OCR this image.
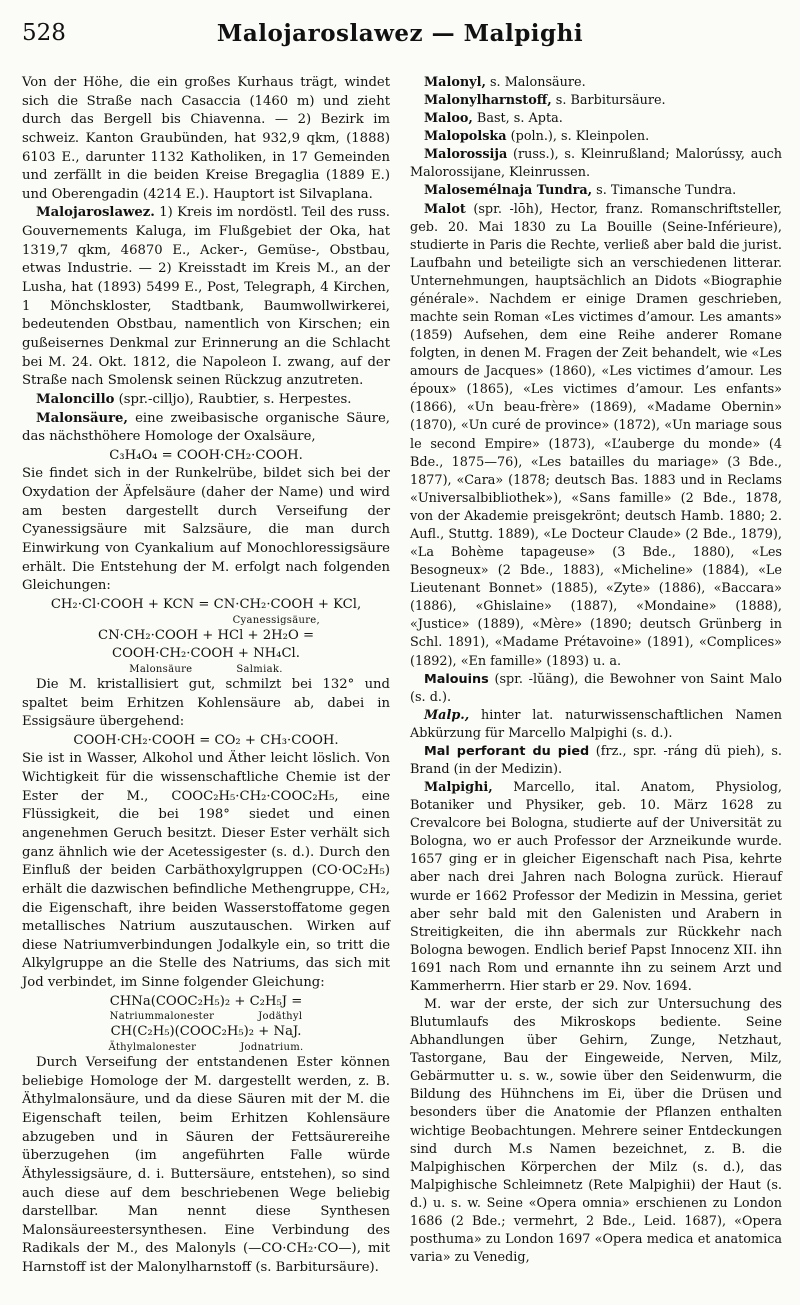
528	Malojaroslawez — Malpighi

Von der Höhe, die ein großes Kurhaus trägt, windet sich die Straße nach Casaccia (1460 m) und zieht durch das Bergell bis Chiavenna. — 2) Bezirk im schweiz. Kanton Graubünden, hat 932,9 qkm, (1888) 6103 E., darunter 1132 Katholiken, in 17 Gemeinden und zerfällt in die beiden Kreise Bregaglia (1889 E.) und Oberengadin (4214 E.). Hauptort ist Silvaplana.

Malojaroslawez. 1) Kreis im nordöstl. Teil des russ. Gouvernements Kaluga, im Flußgebiet der Oka, hat 1319,7 qkm, 46870 E., Acker-, Gemüse-, Obstbau, etwas Industrie. — 2) Kreisstadt im Kreis M., an der Lusha, hat (1893) 5499 E., Post, Telegraph, 4 Kirchen, 1 Mönchskloster, Stadtbank, Baumwollwirkerei, bedeutenden Obstbau, namentlich von Kirschen; ein gußeisernes Denkmal zur Erinnerung an die Schlacht bei M. 24. Okt. 1812, die Napoleon I. zwang, auf der Straße nach Smolensk seinen Rückzug anzutreten.

Maloncillo (spr.-cilljo), Raubtier, s. Herpestes.

Malonsäure, eine zweibasische organische Säure, das nächsthöhere Homologe der Oxalsäure,

C₃H₄O₄ = COOH·CH₂·COOH.

Sie findet sich in der Runkelrübe, bildet sich bei der Oxydation der Äpfelsäure (daher der Name) und wird am besten dargestellt durch Verseifung der Cyanessigsäure mit Salzsäure, die man durch Einwirkung von Cyankalium auf Monochloressigsäure erhält. Die Entstehung der M. erfolgt nach folgenden Gleichungen:

CH₂·Cl·COOH + KCN = CN·CH₂·COOH + KCl,

Cyanessigsäure,

CN·CH₂·COOH + HCl + 2H₂O =

COOH·CH₂·COOH + NH₄Cl.

Malonsäure	Salmiak.

Die M. kristallisiert gut, schmilzt bei 132° und spaltet beim Erhitzen Kohlensäure ab, dabei in Essigsäure übergehend:

COOH·CH₂·COOH = CO₂ + CH₃·COOH.

Sie ist in Wasser, Alkohol und Äther leicht löslich. Von Wichtigkeit für die wissenschaftliche Chemie ist der Ester der M., COOC₂H₅·CH₂·COOC₂H₅, eine Flüssigkeit, die bei 198° siedet und einen angenehmen Geruch besitzt. Dieser Ester verhält sich ganz ähnlich wie der Acetessigester (s. d.). Durch den Einfluß der beiden Carbäthoxylgruppen (CO·OC₂H₅) erhält die dazwischen befindliche Methengruppe, CH₂, die Eigenschaft, ihre beiden Wasserstoffatome gegen metallisches Natrium auszutauschen. Wirken auf diese Natriumverbindungen Jodalkyle ein, so tritt die Alkylgruppe an die Stelle des Natriums, das sich mit Jod verbindet, im Sinne folgender Gleichung:

CHNa(COOC₂H₅)₂ + C₂H₅J =

Natriummalonester	Jodäthyl

CH(C₂H₅)(COOC₂H₅)₂ + NaJ.

Äthylmalonester	Jodnatrium.

Durch Verseifung der entstandenen Ester können beliebige Homologe der M. dargestellt werden, z. B. Äthylmalonsäure, und da diese Säuren mit der M. die Eigenschaft teilen, beim Erhitzen Kohlensäure abzugeben und in Säuren der Fettsäurereihe überzugehen (im angeführten Falle würde Äthylessigsäure, d. i. Buttersäure, entstehen), so sind auch diese auf dem beschriebenen Wege beliebig darstellbar. Man nennt diese Synthesen Malonsäureestersynthesen. Eine Verbindung des Radikals der M., des Malonyls (—CO·CH₂·CO—), mit Harnstoff ist der Malonylharnstoff (s. Barbitursäure).

Malonyl, s. Malonsäure.

Malonylharnstoff, s. Barbitursäure.

Maloo, Bast, s. Apta.

Malopolska (poln.), s. Kleinpolen.

Malorossija (russ.), s. Kleinrußland; Malorússy, auch Malorossijane, Kleinrussen.

Malosemélnaja Tundra, s. Timansche Tundra.

Malot (spr. -lōh), Hector, franz. Romanschriftsteller, geb. 20. Mai 1830 zu La Bouille (Seine-Inférieure), studierte in Paris die Rechte, verließ aber bald die jurist. Laufbahn und beteiligte sich an verschiedenen litterar. Unternehmungen, hauptsächlich an Didots «Biographie générale». Nachdem er einige Dramen geschrieben, machte sein Roman «Les victimes d’amour. Les amants» (1859) Aufsehen, dem eine Reihe anderer Romane folgten, in denen M. Fragen der Zeit behandelt, wie «Les amours de Jacques» (1860), «Les victimes d’amour. Les époux» (1865), «Les victimes d’amour. Les enfants» (1866), «Un beau-frère» (1869), «Madame Obernin» (1870), «Un curé de province» (1872), «Un mariage sous le second Empire» (1873), «L’auberge du monde» (4 Bde., 1875—76), «Les batailles du mariage» (3 Bde., 1877), «Cara» (1878; deutsch Bas. 1883 und in Reclams «Universalbibliothek»), «Sans famille» (2 Bde., 1878, von der Akademie preisgekrönt; deutsch Hamb. 1880; 2. Aufl., Stuttg. 1889), «Le Docteur Claude» (2 Bde., 1879), «La Bohème tapageuse» (3 Bde., 1880), «Les Besogneux» (2 Bde., 1883), «Micheline» (1884), «Le Lieutenant Bonnet» (1885), «Zyte» (1886), «Baccara» (1886), «Ghislaine» (1887), «Mondaine» (1888), «Justice» (1889), «Mère» (1890; deutsch Grünberg in Schl. 1891), «Madame Prétavoine» (1891), «Complices» (1892), «En famille» (1893) u. a.

Malouins (spr. -lŭäng), die Bewohner von Saint Malo (s. d.).

Malp., hinter lat. naturwissenschaftlichen Namen Abkürzung für Marcello Malpighi (s. d.).

Mal perforant du pied (frz., spr. -ráng dü pieh), s. Brand (in der Medizin).

Malpighi, Marcello, ital. Anatom, Physiolog, Botaniker und Physiker, geb. 10. März 1628 zu Crevalcore bei Bologna, studierte auf der Universität zu Bologna, wo er auch Professor der Arzneikunde wurde. 1657 ging er in gleicher Eigenschaft nach Pisa, kehrte aber nach drei Jahren nach Bologna zurück. Hierauf wurde er 1662 Professor der Medizin in Messina, geriet aber sehr bald mit den Galenisten und Arabern in Streitigkeiten, die ihn abermals zur Rückkehr nach Bologna bewogen. Endlich berief Papst Innocenz XII. ihn 1691 nach Rom und ernannte ihn zu seinem Arzt und Kammerherrn. Hier starb er 29. Nov. 1694.

M. war der erste, der sich zur Untersuchung des Blutumlaufs des Mikroskops bediente. Seine Abhandlungen über Gehirn, Zunge, Netzhaut, Tastorgane, Bau der Eingeweide, Nerven, Milz, Gebärmutter u. s. w., sowie über den Seidenwurm, die Bildung des Hühnchens im Ei, über die Drüsen und besonders über die Anatomie der Pflanzen enthalten wichtige Beobachtungen. Mehrere seiner Entdeckungen sind durch M.s Namen bezeichnet, z. B. die Malpighischen Körperchen der Milz (s. d.), das Malpighische Schleimnetz (Rete Malpighii) der Haut (s. d.) u. s. w. Seine «Opera omnia» erschienen zu London 1686 (2 Bde.; vermehrt, 2 Bde., Leid. 1687), «Opera posthuma» zu London 1697 «Opera medica et anatomica varia» zu Venedig,
